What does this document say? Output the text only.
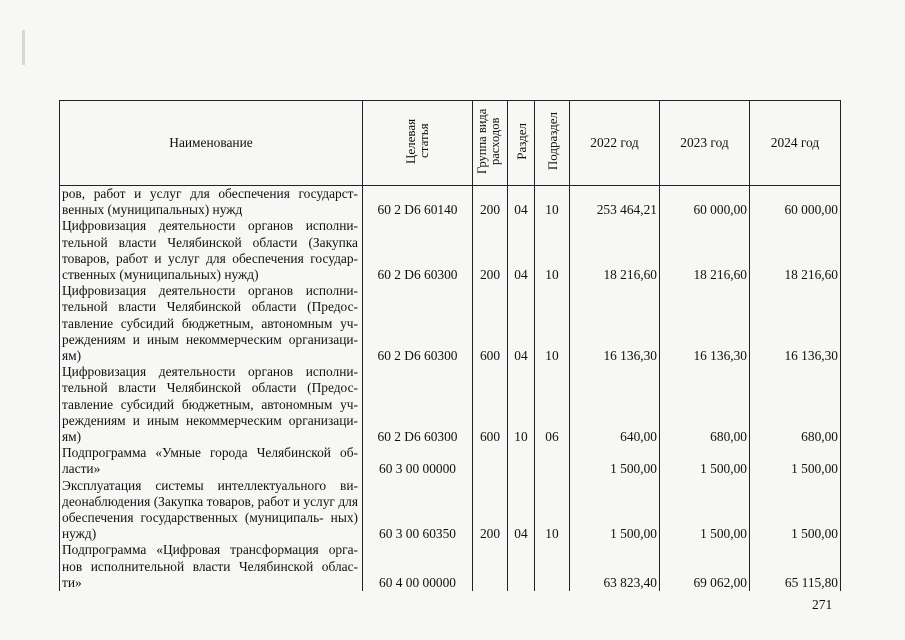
Наименование	Целевая статья	Группа вида расходов	Раздел	Подраздел	2022 год	2023 год	2024 год
ров, работ и услуг для обеспечения государст- венных (муниципальных) нужд	60 2 D6 60140	200	04	10	253 464,21	60 000,00	60 000,00
Цифровизация деятельности органов исполни- тельной власти Челябинской области (Закупка товаров, работ и услуг для обеспечения государ- ственных (муниципальных) нужд)	60 2 D6 60300	200	04	10	18 216,60	18 216,60	18 216,60
Цифровизация деятельности органов исполни- тельной власти Челябинской области (Предос- тавление субсидий бюджетным, автономным уч- реждениям и иным некоммерческим организаци- ям)	60 2 D6 60300	600	04	10	16 136,30	16 136,30	16 136,30
Цифровизация деятельности органов исполни- тельной власти Челябинской области (Предос- тавление субсидий бюджетным, автономным уч- реждениям и иным некоммерческим организаци- ям)	60 2 D6 60300	600	10	06	640,00	680,00	680,00
Подпрограмма «Умные города Челябинской об- ласти»	60 3 00 00000				1 500,00	1 500,00	1 500,00
Эксплуатация системы интеллектуального ви- деонаблюдения (Закупка товаров, работ и услуг для обеспечения государственных (муниципаль- ных) нужд)	60 3 00 60350	200	04	10	1 500,00	1 500,00	1 500,00
Подпрограмма «Цифровая трансформация орга- нов исполнительной власти Челябинской облас- ти»	60 4 00 00000				63 823,40	69 062,00	65 115,80
271
